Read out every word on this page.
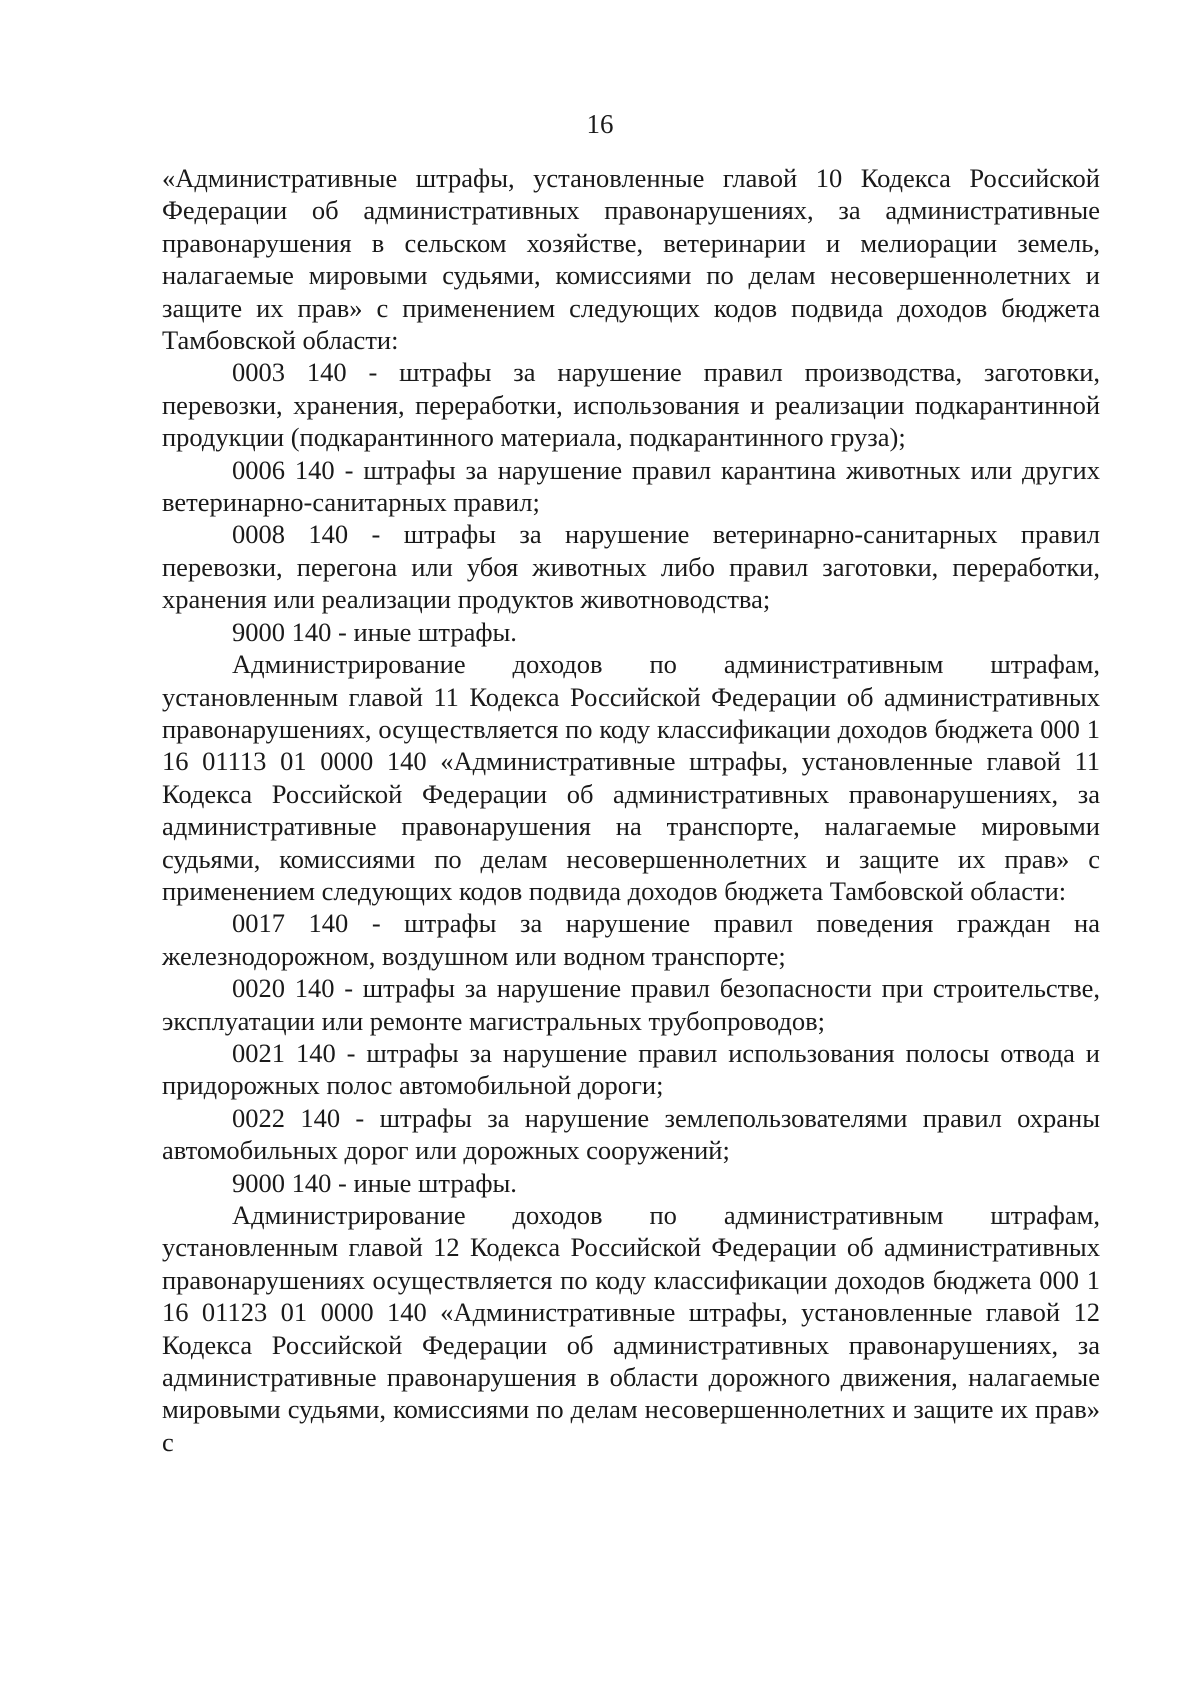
16

«Административные штрафы, установленные главой 10 Кодекса Российской Федерации об административных правонарушениях, за административные правонарушения в сельском хозяйстве, ветеринарии и мелиорации земель, налагаемые мировыми судьями, комиссиями по делам несовершеннолетних и защите их прав» с применением следующих кодов подвида доходов бюджета Тамбовской области:

0003 140 - штрафы за нарушение правил производства, заготовки, перевозки, хранения, переработки, использования и реализации подкарантинной продукции (подкарантинного материала, подкарантинного груза);

0006 140 - штрафы за нарушение правил карантина животных или других ветеринарно-санитарных правил;

0008 140 - штрафы за нарушение ветеринарно-санитарных правил перевозки, перегона или убоя животных либо правил заготовки, переработки, хранения или реализации продуктов животноводства;

9000 140 - иные штрафы.

Администрирование доходов по административным штрафам, установленным главой 11 Кодекса Российской Федерации об административных правонарушениях, осуществляется по коду классификации доходов бюджета 000 1 16 01113 01 0000 140 «Административные штрафы, установленные главой 11 Кодекса Российской Федерации об административных правонарушениях, за административные правонарушения на транспорте, налагаемые мировыми судьями, комиссиями по делам несовершеннолетних и защите их прав» с применением следующих кодов подвида доходов бюджета Тамбовской области:

0017 140 - штрафы за нарушение правил поведения граждан на железнодорожном, воздушном или водном транспорте;

0020 140 - штрафы за нарушение правил безопасности при строительстве, эксплуатации или ремонте магистральных трубопроводов;

0021 140 - штрафы за нарушение правил использования полосы отвода и придорожных полос автомобильной дороги;

0022 140 - штрафы за нарушение землепользователями правил охраны автомобильных дорог или дорожных сооружений;

9000 140 - иные штрафы.

Администрирование доходов по административным штрафам, установленным главой 12 Кодекса Российской Федерации об административных правонарушениях осуществляется по коду классификации доходов бюджета 000 1 16 01123 01 0000 140 «Административные штрафы, установленные главой 12 Кодекса Российской Федерации об административных правонарушениях, за административные правонарушения в области дорожного движения, налагаемые мировыми судьями, комиссиями по делам несовершеннолетних и защите их прав» с
